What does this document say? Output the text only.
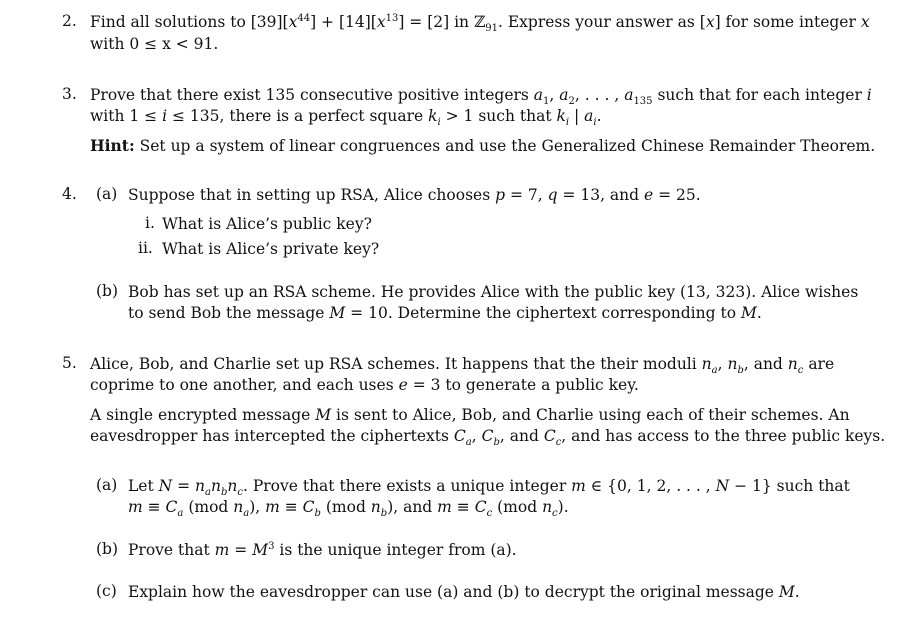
2. Find all solutions to $[39][x^{44}] + [14][x^{13}] = [2]$ in ℤ$_{91}$. Express your answer as [x] for some integer x
with 0 ≤ x < 91.
3. Prove that there exist 135 consecutive positive integers $a_1$, $a_2$, . . . , $a_{135}$ such that for each integer i
with 1 ≤ i ≤ 135, there is a perfect square $k_i > 1$ such that $k_i$ | $a_i$.
Hint: Set up a system of linear congruences and use the Generalized Chinese Remainder Theorem.
4. (a) Suppose that in setting up RSA, Alice chooses p = 7, q = 13, and e = 25.
i. What is Alice’s public key?
ii. What is Alice’s private key?
(b) Bob has set up an RSA scheme. He provides Alice with the public key (13, 323). Alice wishes
to send Bob the message M = 10. Determine the ciphertext corresponding to M.
5. Alice, Bob, and Charlie set up RSA schemes. It happens that the their moduli $n_a$, $n_b$, and $n_c$ are
coprime to one another, and each uses e = 3 to generate a public key.
A single encrypted message M is sent to Alice, Bob, and Charlie using each of their schemes. An
eavesdropper has intercepted the ciphertexts $C_a$, $C_b$, and $C_c$, and has access to the three public keys.
(a) Let $N = n_an_bn_c$. Prove that there exists a unique integer m ∈ {0, 1, 2, . . . , N − 1} such that
$m \equiv C_a$ (mod $n_a$), $m \equiv C_b$ (mod $n_b$), and $m \equiv C_c$ (mod $n_c$).
(b) Prove that $m = M^3$ is the unique integer from (a).
(c) Explain how the eavesdropper can use (a) and (b) to decrypt the original message M.
